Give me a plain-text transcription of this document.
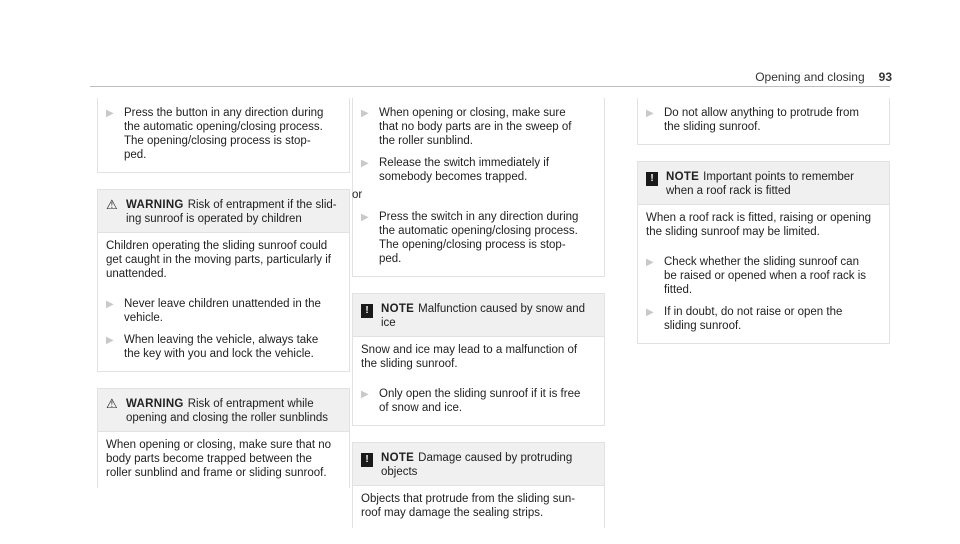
Opening and closing 93
▶ Press the button in any direction during
the automatic opening/closing process.
The opening/closing process is stop-
ped.
⚠ WARNING Risk of entrapment if the slid-
ing sunroof is operated by children
Children operating the sliding sunroof could
get caught in the moving parts, particularly if
unattended.
▶ Never leave children unattended in the
vehicle.
▶ When leaving the vehicle, always take
the key with you and lock the vehicle.
⚠ WARNING Risk of entrapment while
opening and closing the roller sunblinds
When opening or closing, make sure that no
body parts become trapped between the
roller sunblind and frame or sliding sunroof.
▶ When opening or closing, make sure
that no body parts are in the sweep of
the roller sunblind.
▶ Release the switch immediately if
somebody becomes trapped.
or
▶ Press the switch in any direction during
the automatic opening/closing process.
The opening/closing process is stop-
ped.
!	NOTE Malfunction caused by snow and
ice
Snow and ice may lead to a malfunction of
the sliding sunroof.
▶ Only open the sliding sunroof if it is free
of snow and ice.
!	NOTE Damage caused by protruding
objects
Objects that protrude from the sliding sun-
roof may damage the sealing strips.
▶ Do not allow anything to protrude from
the sliding sunroof.
!	NOTE Important points to remember
when a roof rack is fitted
When a roof rack is fitted, raising or opening
the sliding sunroof may be limited.
▶ Check whether the sliding sunroof can
be raised or opened when a roof rack is
fitted.
▶ If in doubt, do not raise or open the
sliding sunroof.
